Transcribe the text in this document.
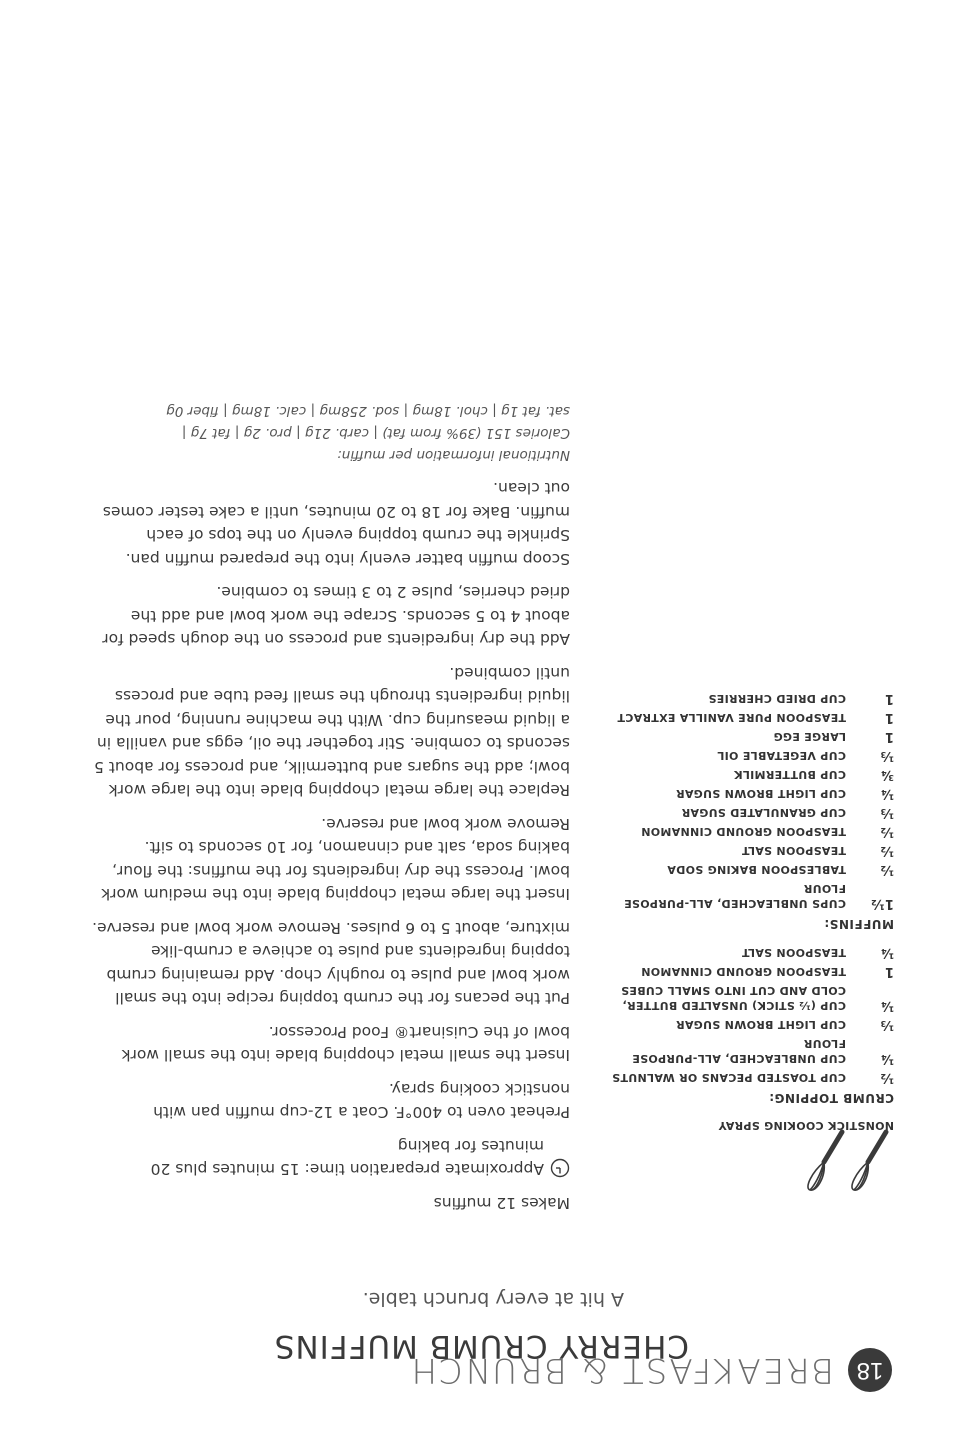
18
BREAKFAST & BRUNCH
CHERRY CRUMB MUFFINS
A hit at every brunch table.
NONSTICK COOKING SPRAY
CRUMB TOPPING:
½
CUP TOASTED PECANS OR WALNUTS
¼
CUP UNBLEACHED, ALL-PURPOSE FLOUR
⅓
CUP LIGHT BROWN SUGAR
¼
CUP (½ STICK) UNSALTED BUTTER, COLD AND CUT INTO SMALL CUBES
1
TEASPOON GROUND CINNAMON
¼
TEASPOON SALT
MUFFINS:
1½
CUPS UNBLEACHED, ALL-PURPOSE FLOUR
½
TABLESPOON BAKING SODA
½
TEASPOON SALT
½
TEASPOON GROUND CINNAMON
⅓
CUP GRANULATED SUGAR
¼
CUP LIGHT BROWN SUGAR
¾
CUP BUTTERMILK
⅓
CUP VEGETABLE OIL
1
LARGE EGG
1
TEASPOON PURE VANILLA EXTRACT
1
CUP DRIED CHERRIES
Makes 12 muffins

Approximate preparation time: 15 minutes plus 20 minutes for baking

Preheat oven to 400°F. Coat a 12-cup muffin pan with nonstick cooking spray.

Insert the small metal chopping blade into the small work bowl of the Cuisinart® Food Processor.

Put the pecans for the crumb topping recipe into the small work bowl and pulse to roughly chop. Add remaining crumb topping ingredients and pulse to achieve a crumb-like mixture, about 5 to 6 pulses. Remove work bowl and reserve.

Insert the large metal chopping blade into the medium work bowl. Process the dry ingredients for the muffins: the flour, baking soda, salt and cinnamon, for 10 seconds to sift. Remove work bowl and reserve.

Replace the large metal chopping blade into the large work bowl; add the sugars and buttermilk, and process for about 5 seconds to combine. Stir together the oil, eggs and vanilla in a liquid measuring cup. With the machine running, pour the liquid ingredients through the small feed tube and process until combined.

Add the dry ingredients and process on the dough speed for about 4 to 5 seconds. Scrape the work bowl and add the dried cherries, pulse 2 to 3 times to combine.

Scoop muffin batter evenly into the prepared muffin pan. Sprinkle the crumb topping evenly on the tops of each muffin. Bake for 18 to 20 minutes, until a cake tester comes out clean.

Nutritional information per muffin:

Calories 151 (39% from fat) | carb. 21g | pro. 2g | fat 7g |

sat. fat 1g | chol. 18mg | sod. 258mg | calc. 18mg | fiber 0g
